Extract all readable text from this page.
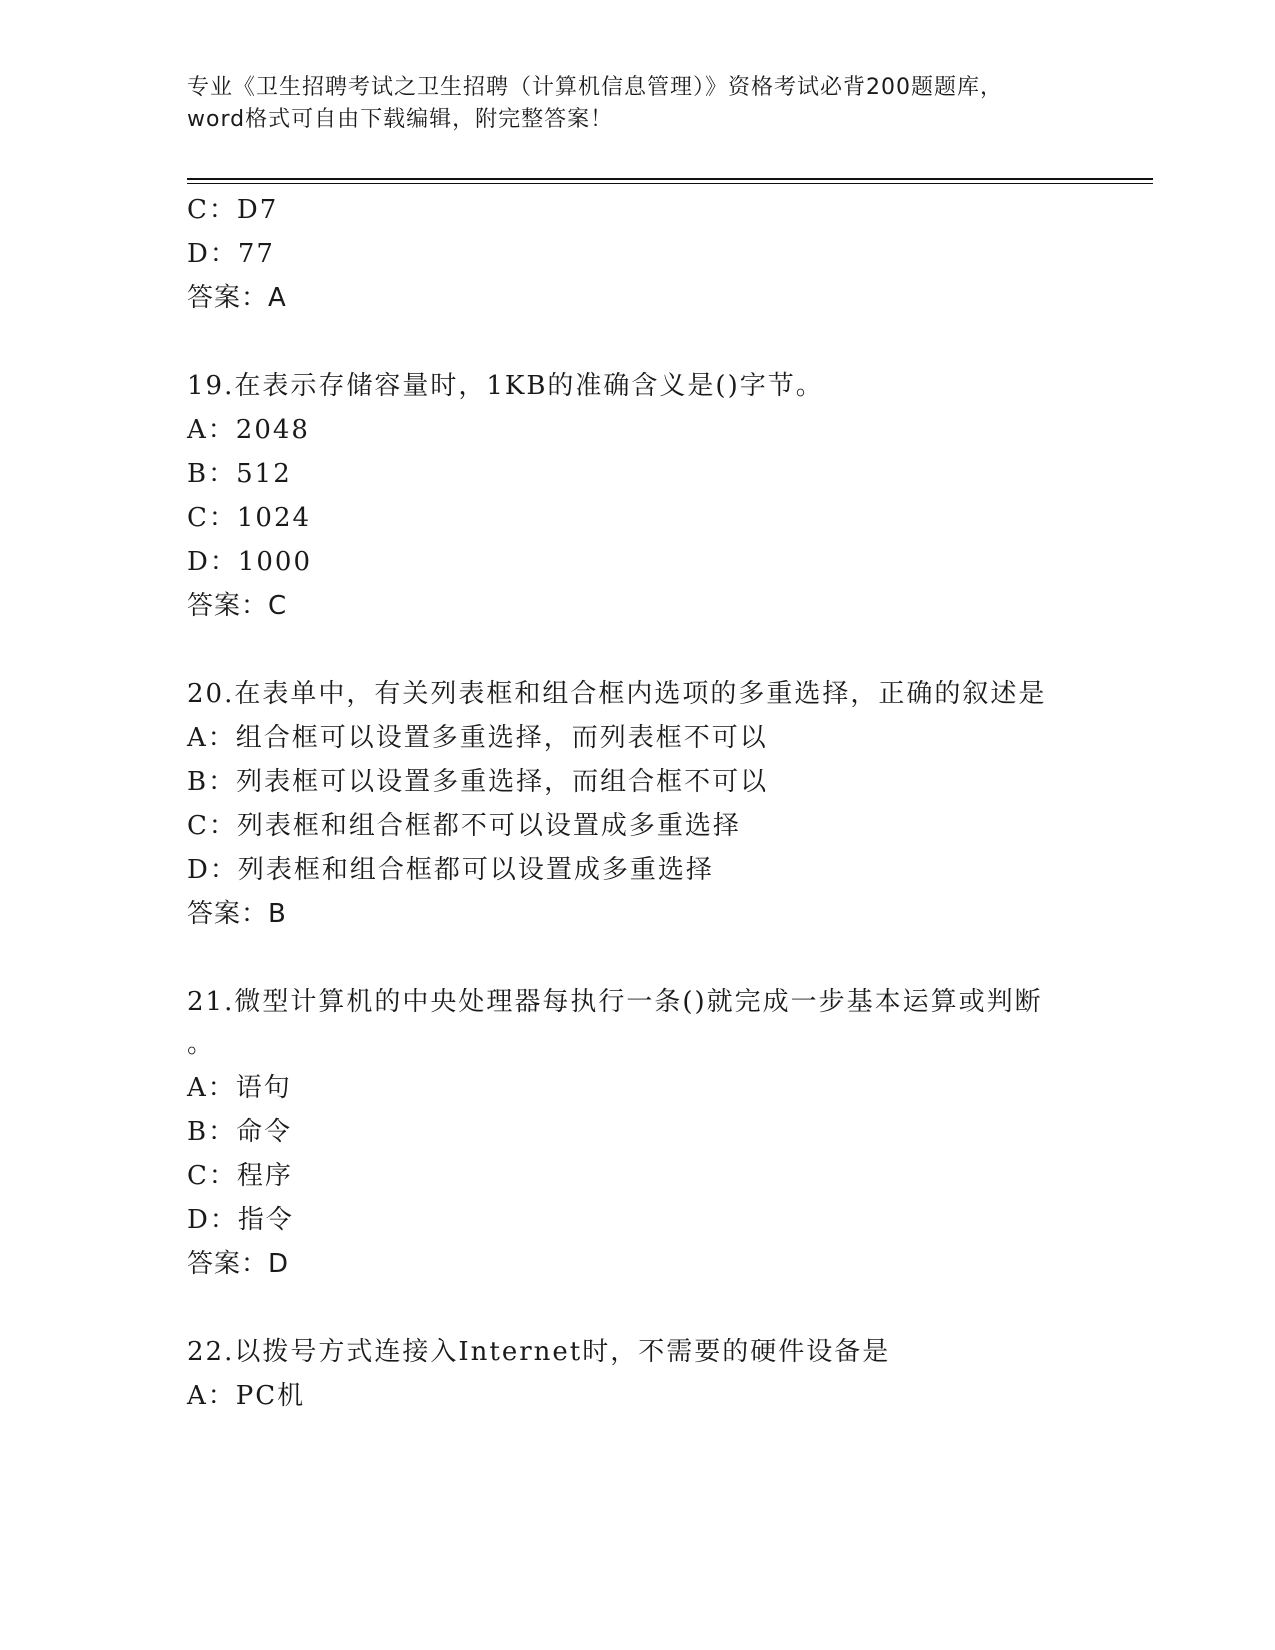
专业《卫生招聘考试之卫生招聘（计算机信息管理）》资格考试必背200题题库，
word格式可自由下载编辑，附完整答案！
C：D7
D：77
答案：A
19.在表示存储容量时，1KB的准确含义是()字节。
A：2048
B：512
C：1024
D：1000
答案：C
20.在表单中，有关列表框和组合框内选项的多重选择，正确的叙述是
A：组合框可以设置多重选择，而列表框不可以
B：列表框可以设置多重选择，而组合框不可以
C：列表框和组合框都不可以设置成多重选择
D：列表框和组合框都可以设置成多重选择
答案：B
21.微型计算机的中央处理器每执行一条()就完成一步基本运算或判断
。
A：语句
B：命令
C：程序
D：指令
答案：D
22.以拨号方式连接入Internet时，不需要的硬件设备是
A：PC机
